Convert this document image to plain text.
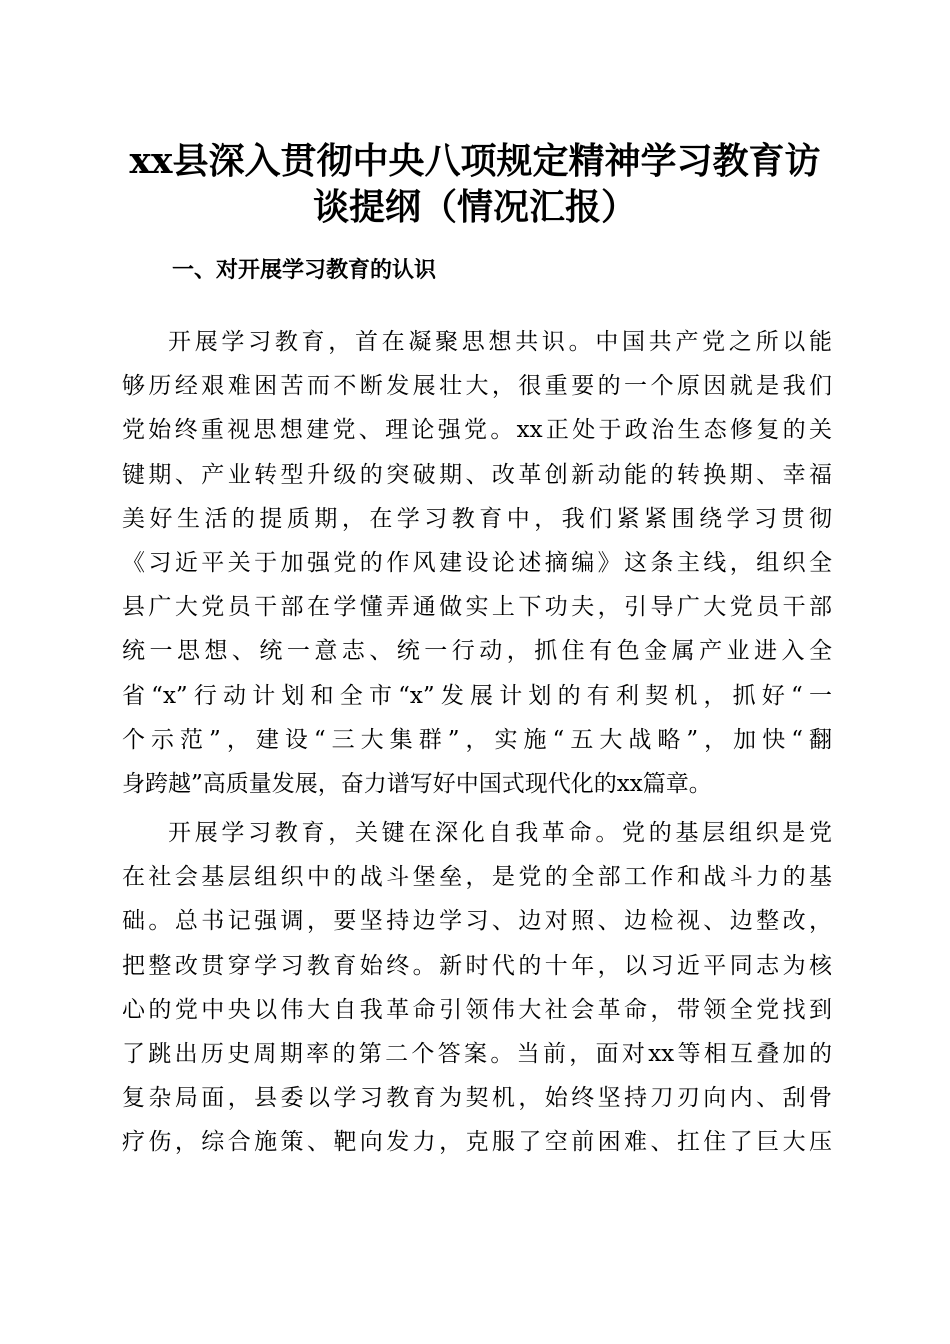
xx县深入贯彻中央八项规定精神学习教育访
谈提纲（情况汇报）
一、对开展学习教育的认识
开展学习教育，首在凝聚思想共识。中国共产党之所以能
够历经艰难困苦而不断发展壮大，很重要的一个原因就是我们
党始终重视思想建党、理论强党。xx正处于政治生态修复的关
键期、产业转型升级的突破期、改革创新动能的转换期、幸福
美好生活的提质期，在学习教育中，我们紧紧围绕学习贯彻
《习近平关于加强党的作风建设论述摘编》这条主线，组织全
县广大党员干部在学懂弄通做实上下功夫，引导广大党员干部
统一思想、统一意志、统一行动，抓住有色金属产业进入全
省“x”行动计划和全市“x”发展计划的有利契机，抓好“一
个示范”，建设“三大集群”，实施“五大战略”，加快“翻
身跨越”高质量发展，奋力谱写好中国式现代化的xx篇章。
开展学习教育，关键在深化自我革命。党的基层组织是党
在社会基层组织中的战斗堡垒，是党的全部工作和战斗力的基
础。总书记强调，要坚持边学习、边对照、边检视、边整改，
把整改贯穿学习教育始终。新时代的十年，以习近平同志为核
心的党中央以伟大自我革命引领伟大社会革命，带领全党找到
了跳出历史周期率的第二个答案。当前，面对xx等相互叠加的
复杂局面，县委以学习教育为契机，始终坚持刀刃向内、刮骨
疗伤，综合施策、靶向发力，克服了空前困难、扛住了巨大压
